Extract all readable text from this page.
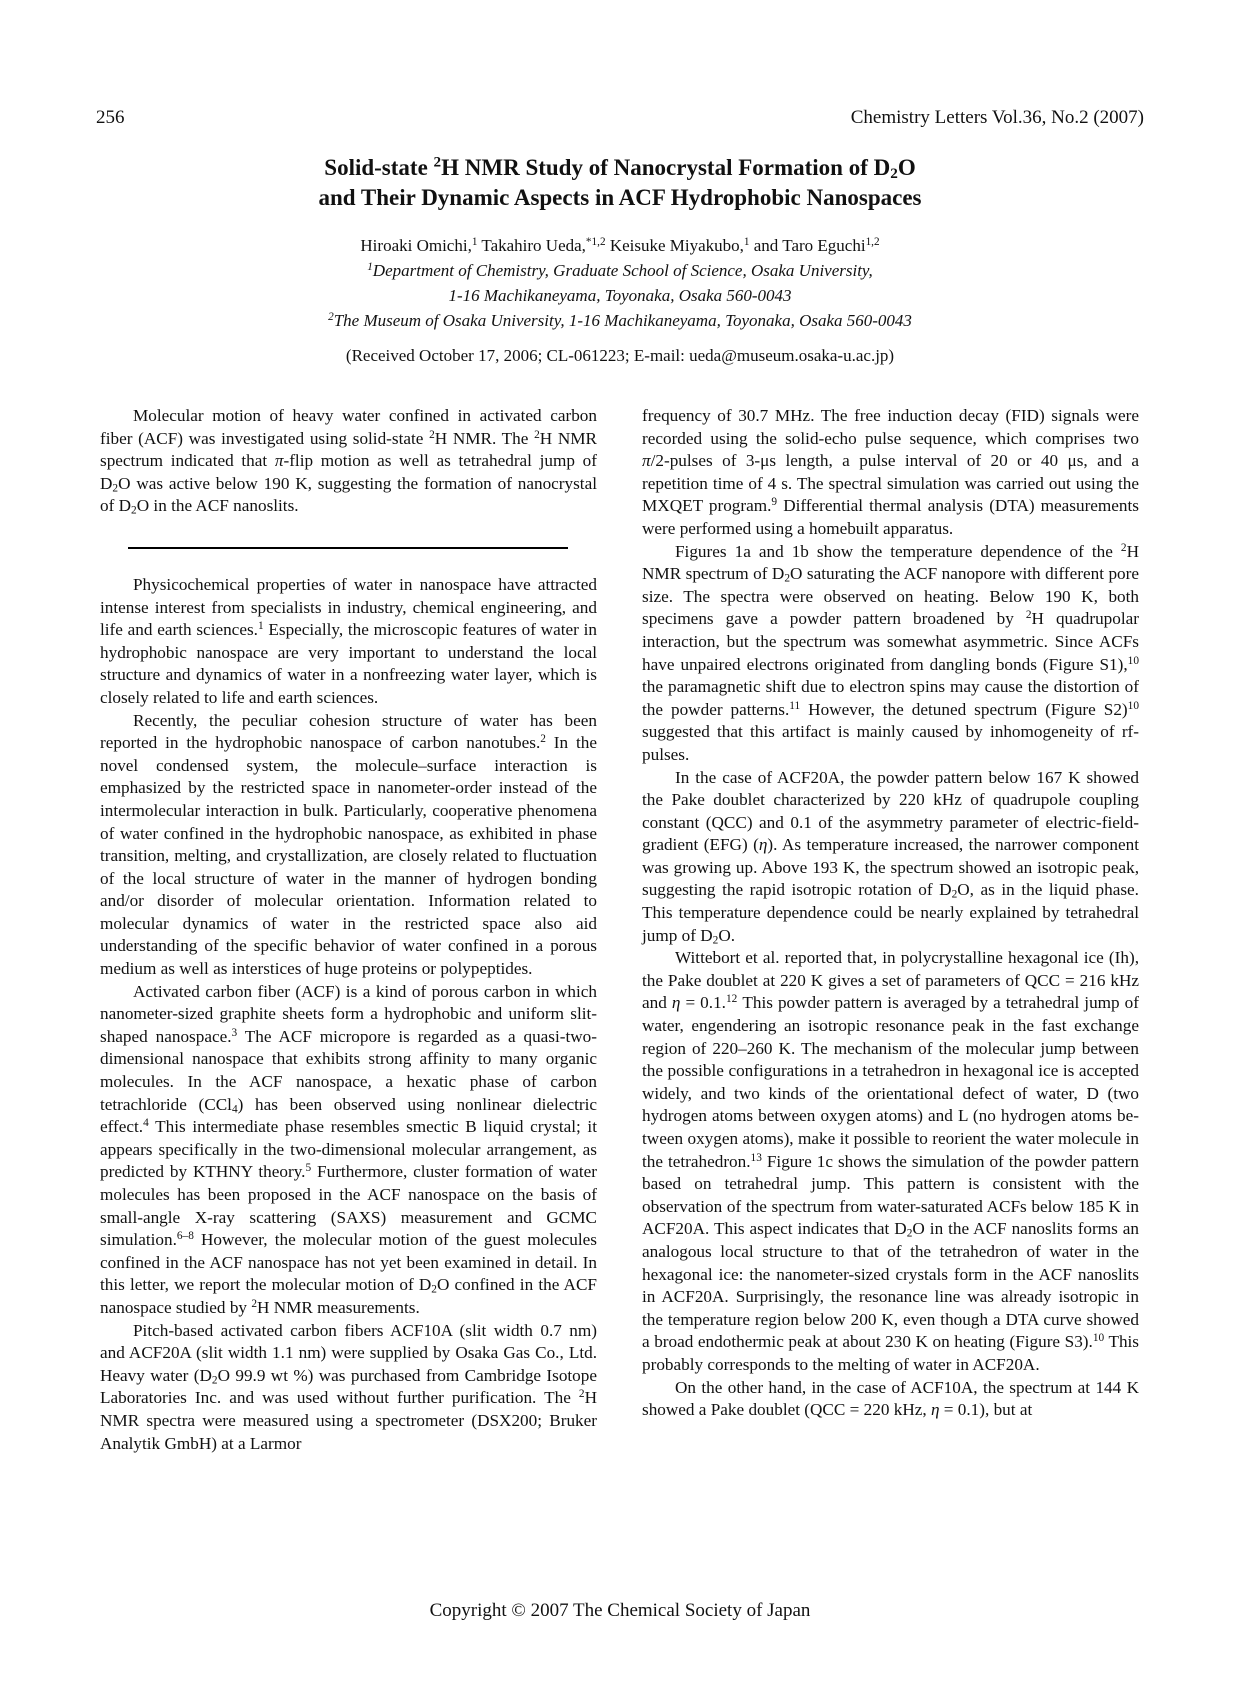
256	Chemistry Letters Vol.36, No.2 (2007)
Solid-state $^2$H NMR Study of Nanocrystal Formation of $D_2O$
and Their Dynamic Aspects in ACF Hydrophobic Nanospaces
Hiroaki Omichi,$^1$ Takahiro Ueda,$^{*1,2}$ Keisuke Miyakubo,$^1$ and Taro Eguchi$^{1,2}$
$^1$Department of Chemistry, Graduate School of Science, Osaka University,
1-16 Machikaneyama, Toyonaka, Osaka 560-0043
$^2$The Museum of Osaka University, 1-16 Machikaneyama, Toyonaka, Osaka 560-0043
(Received October 17, 2006; CL-061223; E-mail: ueda@museum.osaka-u.ac.jp)

Molecular motion of heavy water confined in activated carbon fiber (ACF) was investigated using solid-state $^2$H NMR. The $^2$H NMR spectrum indicated that π-flip motion as well as tetrahedral jump of $D_2O$ was active below 190 K, suggesting the formation of nanocrystal of $D_2O$ in the ACF nanoslits.

Physicochemical properties of water in nanospace have attracted intense interest from specialists in industry, chemical engineering, and life and earth sciences.$^1$ Especially, the microscopic features of water in hydrophobic nanospace are very important to understand the local structure and dynamics of water in a nonfreezing water layer, which is closely related to life and earth sciences.

Recently, the peculiar cohesion structure of water has been reported in the hydrophobic nanospace of carbon nanotubes.$^2$ In the novel condensed system, the molecule–surface interaction is emphasized by the restricted space in nanometer-order instead of the intermolecular interaction in bulk. Particularly, cooperative phenomena of water confined in the hydrophobic nanospace, as exhibited in phase transition, melting, and crystallization, are closely related to fluctuation of the local structure of water in the manner of hydrogen bonding and/or disorder of molecular orientation. Information related to molecular dynamics of water in the restricted space also aid understanding of the specific behavior of water confined in a porous medium as well as interstices of huge proteins or polypeptides.

Activated carbon fiber (ACF) is a kind of porous carbon in which nanometer-sized graphite sheets form a hydrophobic and uniform slit-shaped nanospace.$^3$ The ACF micropore is regarded as a quasi-two-dimensional nanospace that exhibits strong affinity to many organic molecules. In the ACF nanospace, a hexatic phase of carbon tetrachloride (CCl$_4$) has been observed using nonlinear dielectric effect.$^4$ This intermediate phase resembles smectic B liquid crystal; it appears specifically in the two-dimensional molecular arrangement, as predicted by KTHNY theory.$^5$ Furthermore, cluster formation of water molecules has been proposed in the ACF nanospace on the basis of small-angle X-ray scattering (SAXS) measurement and GCMC simulation.$^{6-8}$ However, the molecular motion of the guest molecules confined in the ACF nanospace has not yet been examined in detail. In this letter, we report the molecular motion of $D_2O$ confined in the ACF nanospace studied by $^2$H NMR measurements.

Pitch-based activated carbon fibers ACF10A (slit width 0.7 nm) and ACF20A (slit width 1.1 nm) were supplied by Osaka Gas Co., Ltd. Heavy water ($D_2O$ 99.9 wt %) was purchased from Cambridge Isotope Laboratories Inc. and was used without further purification. The $^2$H NMR spectra were measured using a spectrometer (DSX200; Bruker Analytik GmbH) at a Larmor

frequency of 30.7 MHz. The free induction decay (FID) signals were recorded using the solid-echo pulse sequence, which comprises two π/2-pulses of 3-μs length, a pulse interval of 20 or 40 μs, and a repetition time of 4 s. The spectral simulation was carried out using the MXQET program.$^9$ Differential thermal analysis (DTA) measurements were performed using a homebuilt apparatus.

Figures 1a and 1b show the temperature dependence of the $^2$H NMR spectrum of $D_2O$ saturating the ACF nanopore with different pore size. The spectra were observed on heating. Below 190 K, both specimens gave a powder pattern broadened by $^2$H quadrupolar interaction, but the spectrum was somewhat asymmetric. Since ACFs have unpaired electrons originated from dangling bonds (Figure S1),$^{10}$ the paramagnetic shift due to electron spins may cause the distortion of the powder patterns.$^{11}$ However, the detuned spectrum (Figure S2)$^{10}$ suggested that this artifact is mainly caused by inhomogeneity of rf-pulses.

In the case of ACF20A, the powder pattern below 167 K showed the Pake doublet characterized by 220 kHz of quadrupole coupling constant (QCC) and 0.1 of the asymmetry parameter of electric-field-gradient (EFG) (η). As temperature increased, the narrower component was growing up. Above 193 K, the spectrum showed an isotropic peak, suggesting the rapid isotropic rotation of $D_2O$, as in the liquid phase. This temperature dependence could be nearly explained by tetrahedral jump of $D_2O$.

Wittebort et al. reported that, in polycrystalline hexagonal ice (Ih), the Pake doublet at 220 K gives a set of parameters of QCC = 216 kHz and η = 0.1.12 This powder pattern is averaged by a tetrahedral jump of water, engendering an isotropic resonance peak in the fast exchange region of 220–260 K. The mechanism of the molecular jump between the possible configurations in a tetrahedron in hexagonal ice is accepted widely, and two kinds of the orientational defect of water, D (two hydrogen atoms between oxygen atoms) and L (no hydrogen atoms between oxygen atoms), make it possible to reorient the water molecule in the tetrahedron.$^{13}$ Figure 1c shows the simulation of the powder pattern based on tetrahedral jump. This pattern is consistent with the observation of the spectrum from water-saturated ACFs below 185 K in ACF20A. This aspect indicates that $D_2O$ in the ACF nanoslits forms an analogous local structure to that of the tetrahedron of water in the hexagonal ice: the nanometer-sized crystals form in the ACF nanoslits in ACF20A. Surprisingly, the resonance line was already isotropic in the temperature region below 200 K, even though a DTA curve showed a broad endothermic peak at about 230 K on heating (Figure S3).$^{10}$ This probably corresponds to the melting of water in ACF20A.

On the other hand, in the case of ACF10A, the spectrum at 144 K showed a Pake doublet (QCC = 220 kHz, η = 0.1), but at

Copyright © 2007 The Chemical Society of Japan
